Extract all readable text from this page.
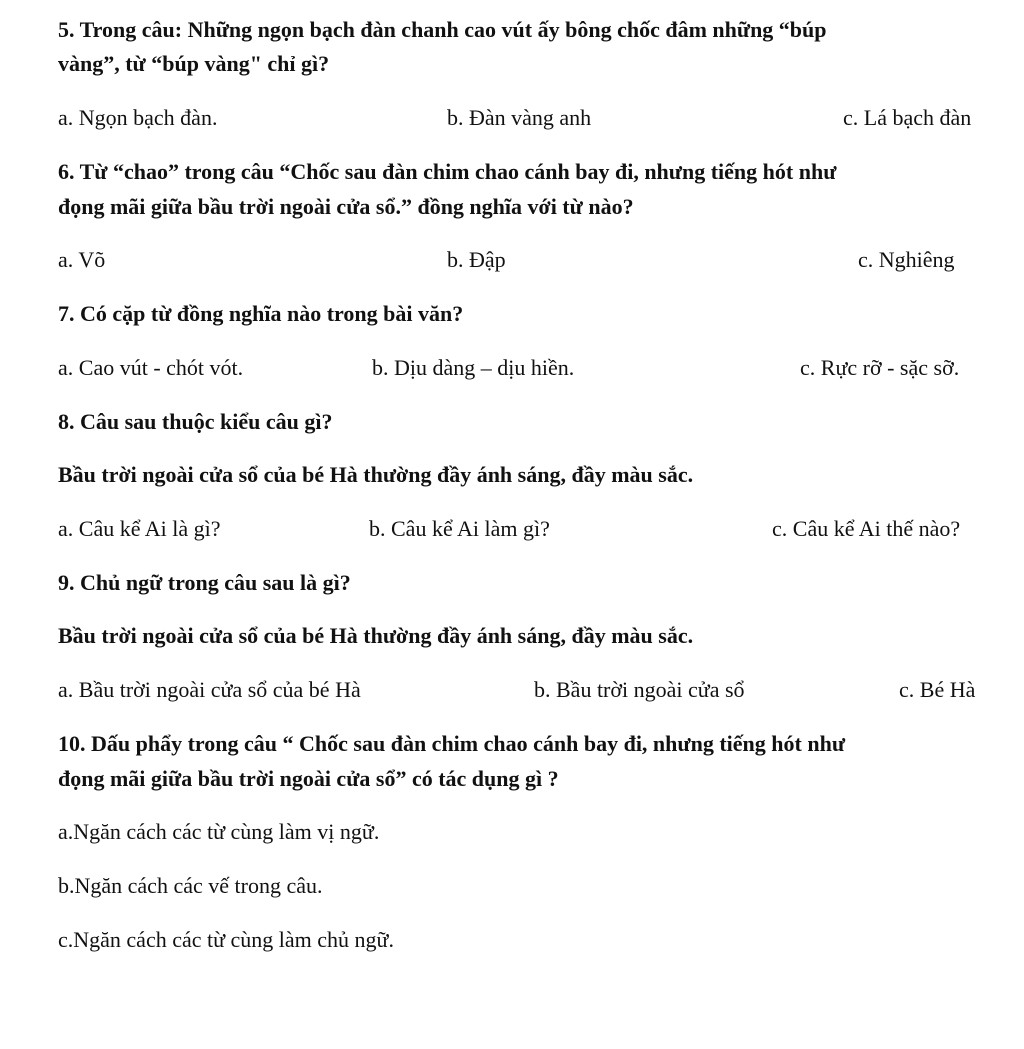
5. Trong câu: Những ngọn bạch đàn chanh cao vút ấy bông chốc đâm những “búp
vàng”, từ “búp vàng" chỉ gì?
a. Ngọn bạch đàn.	b. Đàn vàng anh	c. Lá bạch đàn
6. Từ “chao” trong câu “Chốc sau đàn chim chao cánh bay đi, nhưng tiếng hót như
đọng mãi giữa bầu trời ngoài cửa sổ.” đồng nghĩa với từ nào?
a. Võ	b. Đập	c. Nghiêng
7. Có cặp từ đồng nghĩa nào trong bài văn?
a. Cao vút - chót vót.	b. Dịu dàng – dịu hiền.	c. Rực rỡ - sặc sỡ.
8. Câu sau thuộc kiểu câu gì?
Bầu trời ngoài cửa sổ của bé Hà thường đầy ánh sáng, đầy màu sắc.
a. Câu kể Ai là gì?	b. Câu kể Ai làm gì?	c. Câu kể Ai thế nào?
9. Chủ ngữ trong câu sau là gì?
Bầu trời ngoài cửa sổ của bé Hà thường đầy ánh sáng, đầy màu sắc.
a. Bầu trời ngoài cửa sổ của bé Hà	b. Bầu trời ngoài cửa sổ	c. Bé Hà
10. Dấu phẩy trong câu “ Chốc sau đàn chim chao cánh bay đi, nhưng tiếng hót như
đọng mãi giữa bầu trời ngoài cửa sổ” có tác dụng gì ?
a.Ngăn cách các từ cùng làm vị ngữ.
b.Ngăn cách các vế trong câu.
c.Ngăn cách các từ cùng làm chủ ngữ.
